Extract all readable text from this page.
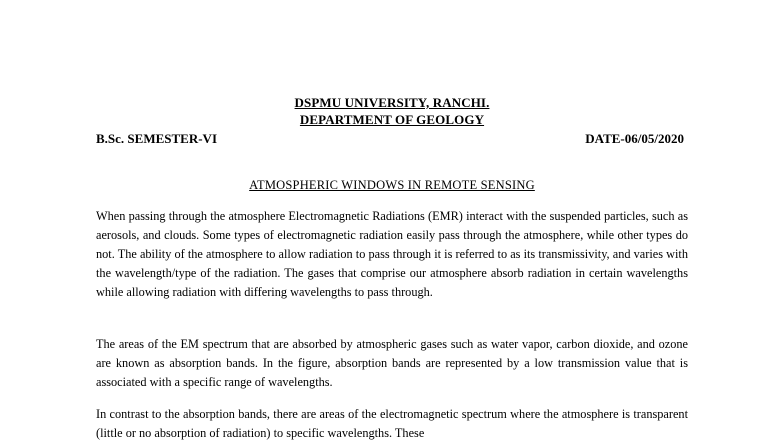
DSPMU UNIVERSITY, RANCHI.
DEPARTMENT OF GEOLOGY
B.Sc. SEMESTER-VI	DATE-06/05/2020
ATMOSPHERIC WINDOWS IN REMOTE SENSING

When passing through the atmosphere Electromagnetic Radiations (EMR) interact with the suspended particles, such as aerosols, and clouds. Some types of electromagnetic radiation easily pass through the atmosphere, while other types do not. The ability of the atmosphere to allow radiation to pass through it is referred to as its transmissivity, and varies with the wavelength/type of the radiation. The gases that comprise our atmosphere absorb radiation in certain wavelengths while allowing radiation with differing wavelengths to pass through.

The areas of the EM spectrum that are absorbed by atmospheric gases such as water vapor, carbon dioxide, and ozone are known as absorption bands. In the figure, absorption bands are represented by a low transmission value that is associated with a specific range of wavelengths.

In contrast to the absorption bands, there are areas of the electromagnetic spectrum where the atmosphere is transparent (little or no absorption of radiation) to specific wavelengths. These
